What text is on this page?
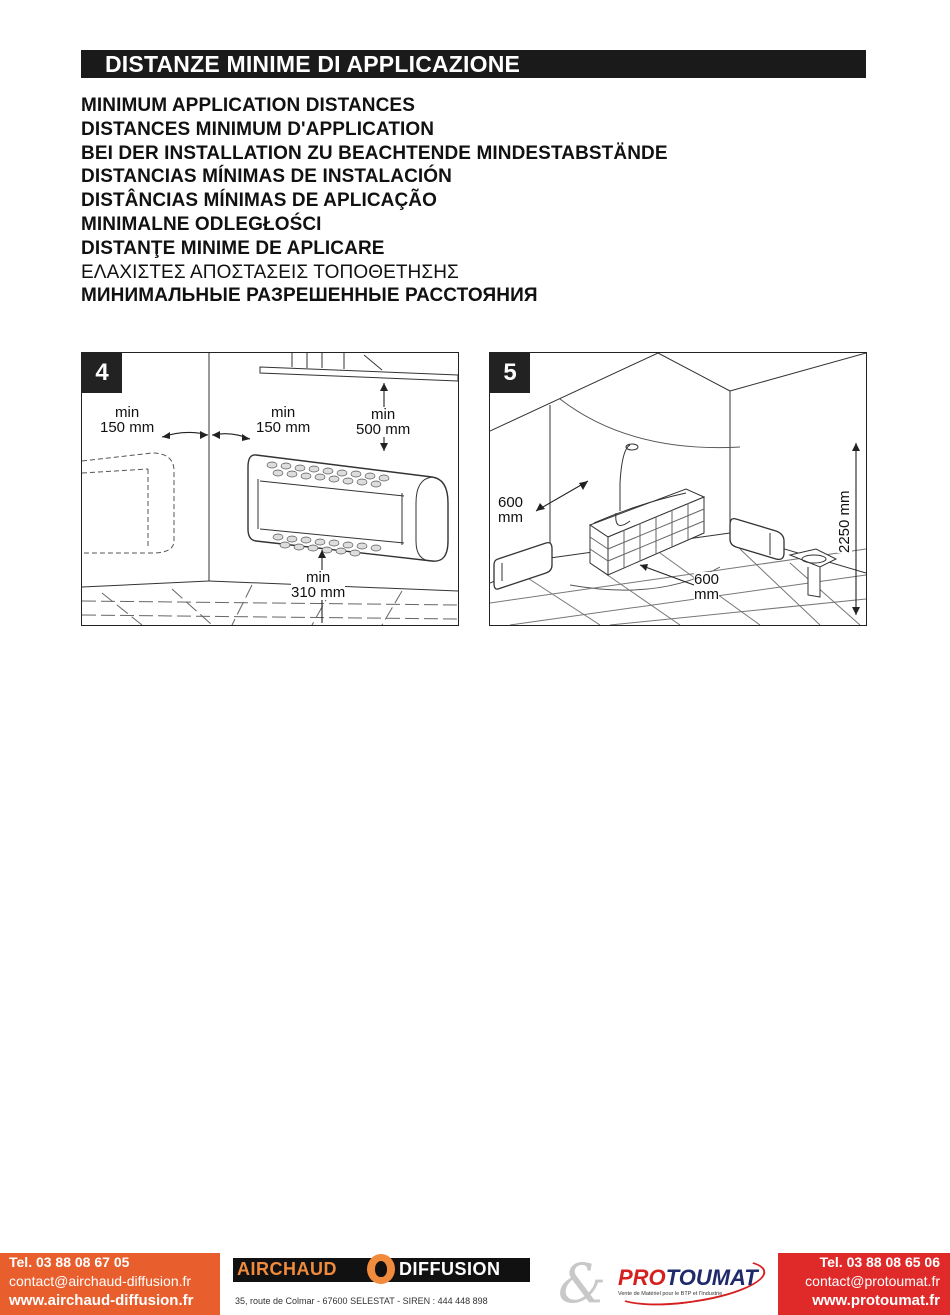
DISTANZE MINIME DI APPLICAZIONE
MINIMUM APPLICATION DISTANCES
DISTANCES MINIMUM D'APPLICATION
BEI DER INSTALLATION ZU BEACHTENDE MINDESTABSTÄNDE
DISTANCIAS MÍNIMAS DE INSTALACIÓN
DISTÂNCIAS MÍNIMAS DE APLICAÇÃO
MINIMALNE ODLEGŁOŚCI
DISTANŢE MINIME DE APLICARE
ΕΛΑΧΙΣΤΕΣ ΑΠΟΣΤΑΣΕΙΣ ΤΟΠΟΘΕΤΗΣΗΣ
МИНИМАЛЬНЫЕ РАЗРЕШЕННЫЕ РАССТОЯНИЯ
4
min
150 mm
min
150 mm
min
500 mm
min
310 mm
5
600
mm
600
mm
2250 mm
Tel. 03 88 08 67 05
contact@airchaud-diffusion.fr
www.airchaud-diffusion.fr
AIRCHAUD	DIFFUSION
35, route de Colmar - 67600 SELESTAT - SIREN : 444 448 898 & PROTOUMAT
Vente de Matériel pour le BTP et l'Industrie
Tel. 03 88 08 65 06
contact@protoumat.fr
www.protoumat.fr
